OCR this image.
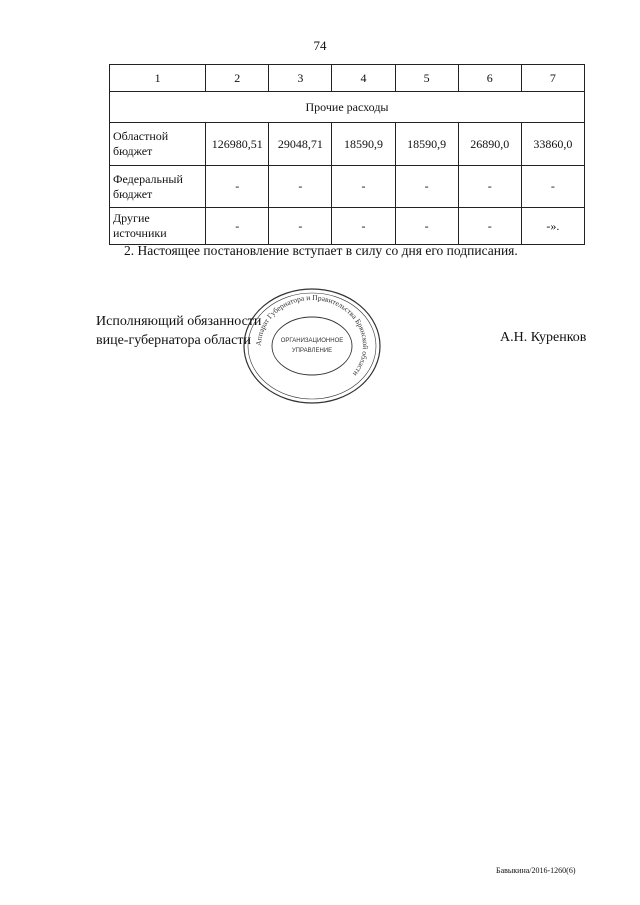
74
1	2	3	4	5	6	7
Прочие расходы						
Областной
бюджет	126980,51	29048,71	18590,9	18590,9	26890,0	33860,0
Федеральный
бюджет	-	-	-	-	-	-
Другие
источники	-	-	-	-	-	-».
2. Настоящее постановление вступает в силу со дня его подписания.
Исполняющий обязанности
вице-губернатора области	А.Н. Куренков
Аппарат Губернатора и Правительства Брянской области
ОРГАНИЗАЦИОННОЕ
УПРАВЛЕНИЕ
Бавыкина/2016-1260(6)
